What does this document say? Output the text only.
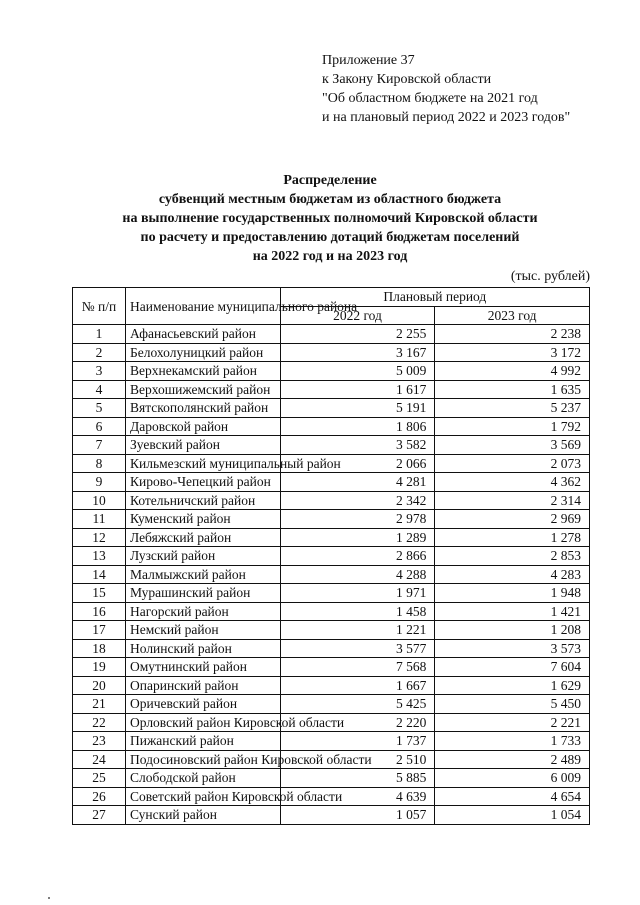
Приложение 37
к Закону Кировской области
"Об областном бюджете на 2021 год
и на плановый период 2022 и 2023 годов"
Распределение
субвенций местным бюджетам из областного бюджета
на выполнение государственных полномочий Кировской области
по расчету и предоставлению дотаций бюджетам поселений
на 2022 год и на 2023 год
(тыс. рублей)
№ п/п	Наименование муниципального района	Плановый период	
		2022 год	2023 год
1	Афанасьевский район	2 255	2 238
2	Белохолуницкий район	3 167	3 172
3	Верхнекамский район	5 009	4 992
4	Верхошижемский район	1 617	1 635
5	Вятскополянский район	5 191	5 237
6	Даровской район	1 806	1 792
7	Зуевский район	3 582	3 569
8	Кильмезский муниципальный район	2 066	2 073
9	Кирово-Чепецкий район	4 281	4 362
10	Котельничский район	2 342	2 314
11	Куменский район	2 978	2 969
12	Лебяжский район	1 289	1 278
13	Лузский район	2 866	2 853
14	Малмыжский район	4 288	4 283
15	Мурашинский район	1 971	1 948
16	Нагорский район	1 458	1 421
17	Немский район	1 221	1 208
18	Нолинский район	3 577	3 573
19	Омутнинский район	7 568	7 604
20	Опаринский район	1 667	1 629
21	Оричевский район	5 425	5 450
22	Орловский район Кировской области	2 220	2 221
23	Пижанский район	1 737	1 733
24	Подосиновский район Кировской области	2 510	2 489
25	Слободской район	5 885	6 009
26	Советский район Кировской области	4 639	4 654
27	Сунский район	1 057	1 054
